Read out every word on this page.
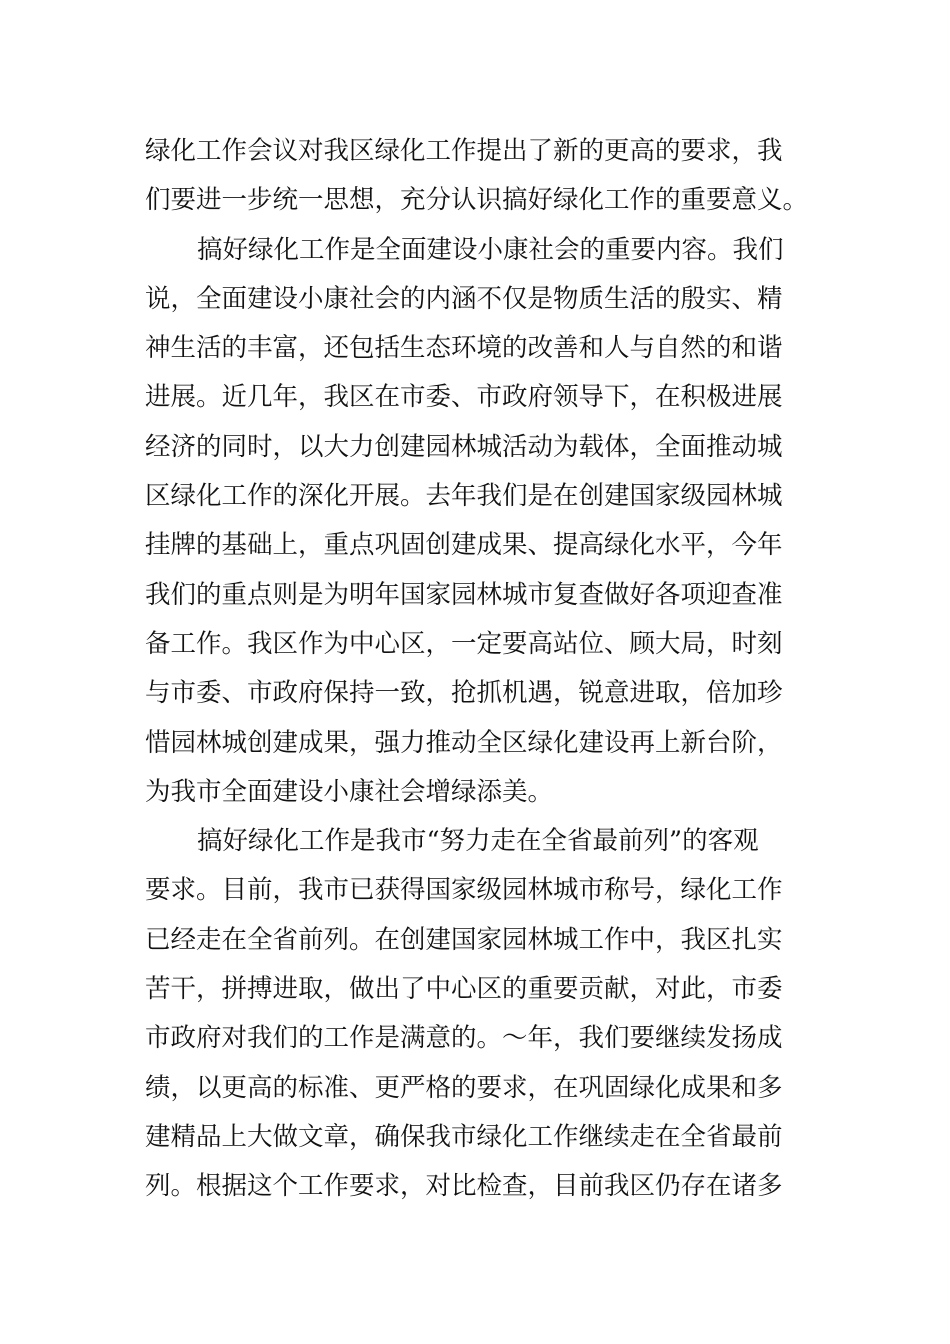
绿化工作会议对我区绿化工作提出了新的更高的要求，我
们要进一步统一思想，充分认识搞好绿化工作的重要意义。
搞好绿化工作是全面建设小康社会的重要内容。我们
说，全面建设小康社会的内涵不仅是物质生活的殷实、精
神生活的丰富，还包括生态环境的改善和人与自然的和谐
进展。近几年，我区在市委、市政府领导下，在积极进展
经济的同时，以大力创建园林城活动为载体，全面推动城
区绿化工作的深化开展。去年我们是在创建国家级园林城
挂牌的基础上，重点巩固创建成果、提高绿化水平，今年
我们的重点则是为明年国家园林城市复查做好各项迎查准
备工作。我区作为中心区，一定要高站位、顾大局，时刻
与市委、市政府保持一致，抢抓机遇，锐意进取，倍加珍
惜园林城创建成果，强力推动全区绿化建设再上新台阶，
为我市全面建设小康社会增绿添美。
搞好绿化工作是我市“努力走在全省最前列”的客观
要求。目前，我市已获得国家级园林城市称号，绿化工作
已经走在全省前列。在创建国家园林城工作中，我区扎实
苦干，拼搏进取，做出了中心区的重要贡献，对此，市委
市政府对我们的工作是满意的。～年，我们要继续发扬成
绩，以更高的标准、更严格的要求，在巩固绿化成果和多
建精品上大做文章，确保我市绿化工作继续走在全省最前
列。根据这个工作要求，对比检查，目前我区仍存在诸多
